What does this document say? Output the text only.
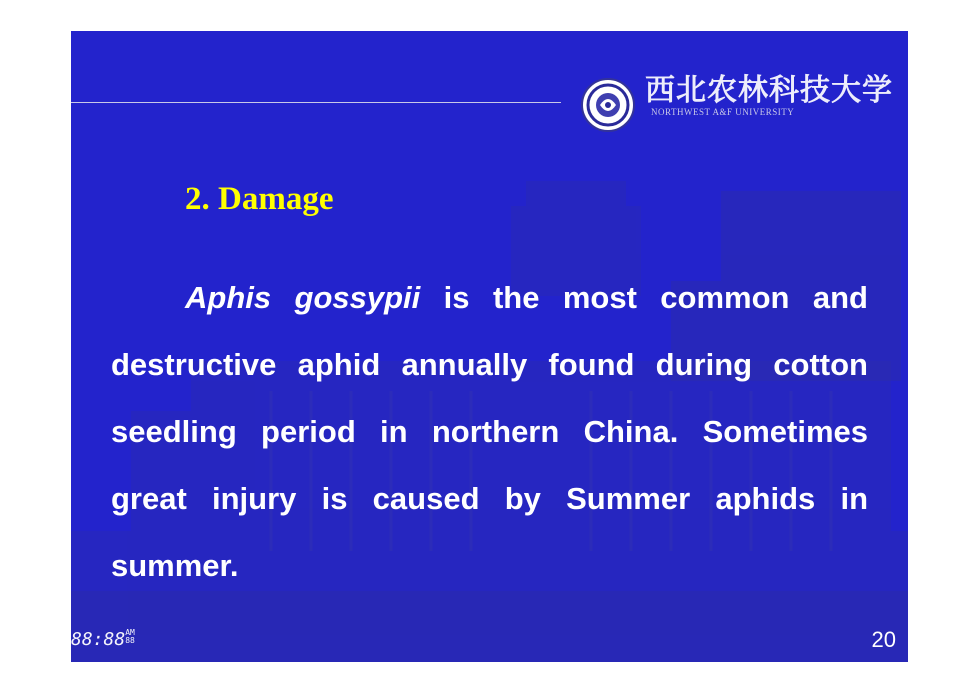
西北农林科技大学
NORTHWEST A&F UNIVERSITY
2. Damage
Aphis gossypii is the most common and destructive aphid annually found during cotton seedling period in northern China. Sometimes great injury is caused by Summer aphids in summer.
88:88AM
88	20
